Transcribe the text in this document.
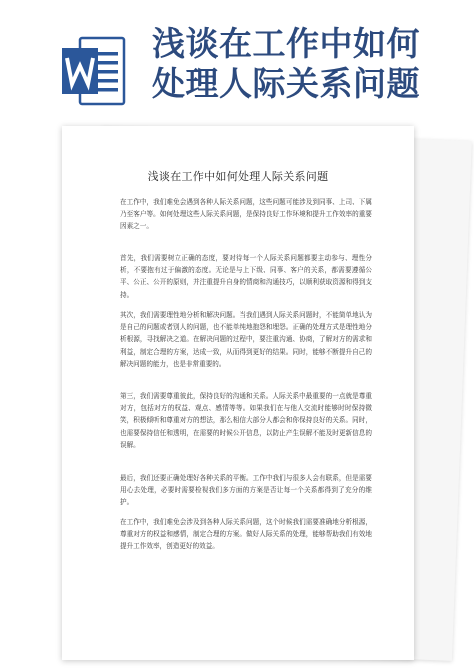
浅谈在工作中如何
处理人际关系问题
浅谈在工作中如何处理人际关系问题
在工作中，我们难免会遇到各种人际关系问题，这些问题可能涉及到同事、上司、下属乃至客户等。如何处理这些人际关系问题，是保持良好工作环境和提升工作效率的重要因素之一。
首先，我们需要树立正确的态度，要对待每一个人际关系问题都要主动参与、理性分析，不要抱有过于偏激的态度。无论是与上下级、同事、客户的关系，都需要遵循公平、公正、公开的原则，并注重提升自身的情商和沟通技巧，以顺利获取资源和得到支持。
其次，我们需要理性地分析和解决问题。当我们遇到人际关系问题时，不能简单地认为是自己的问题或者别人的问题，也不能单纯地抱怨和埋怨。正确的处理方式是理性地分析根源，寻找解决之道。在解决问题的过程中，要注重沟通、协商，了解对方的需求和利益，制定合理的方案，达成一致，从而得到更好的结果。同时，能够不断提升自己的解决问题的能力，也是非常重要的。
第三，我们需要尊重彼此，保持良好的沟通和关系。人际关系中最重要的一点就是尊重对方，包括对方的权益、观点、感情等等。如果我们在与他人交流时能够时时保持微笑，积极倾听和尊重对方的想法，那么相信大部分人都会和你保持良好的关系。同时，也需要保持信任和透明，在需要的时候公开信息，以防止产生误解不能及时更新信息的误解。
最后，我们还要正确处理好各种关系的平衡。工作中我们与很多人会有联系，但是需要用心去处理，必要时需要检视我们多方面的方案是否让每一个关系都得到了充分的维护。
在工作中，我们难免会涉及到各种人际关系问题，这个时候我们需要准确地分析根源，尊重对方的权益和感情，制定合理的方案。做好人际关系的处理，能够帮助我们有效地提升工作效率，创造更好的效益。
